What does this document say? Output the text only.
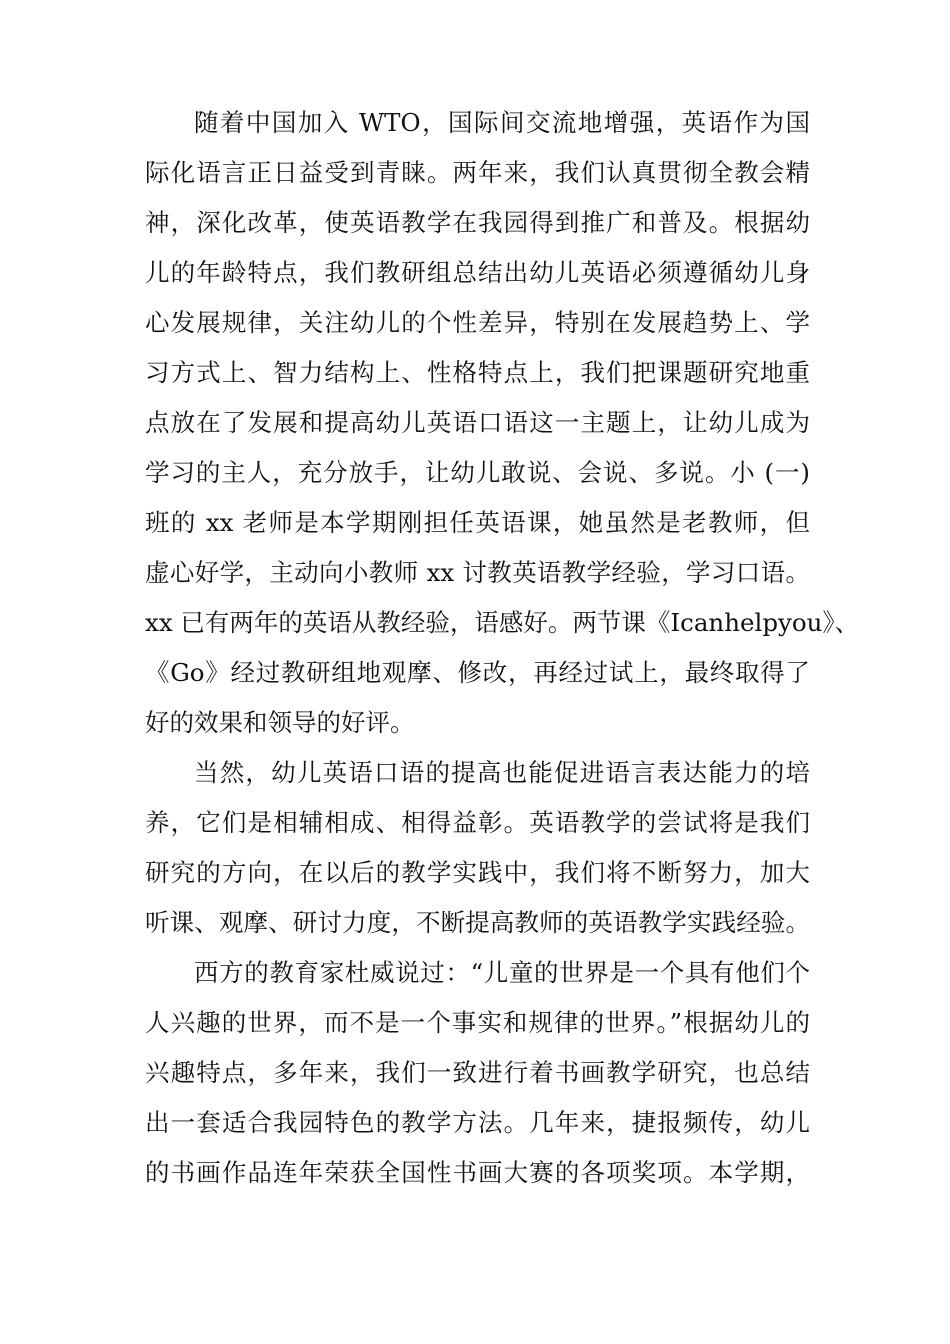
随着中国加入 WTO，国际间交流地增强，英语作为国
际化语言正日益受到青睐。两年来，我们认真贯彻全教会精
神，深化改革，使英语教学在我园得到推广和普及。根据幼
儿的年龄特点，我们教研组总结出幼儿英语必须遵循幼儿身
心发展规律，关注幼儿的个性差异，特别在发展趋势上、学
习方式上、智力结构上、性格特点上，我们把课题研究地重
点放在了发展和提高幼儿英语口语这一主题上，让幼儿成为
学习的主人，充分放手，让幼儿敢说、会说、多说。小 (一)
班的 xx 老师是本学期刚担任英语课，她虽然是老教师，但
虚心好学，主动向小教师 xx 讨教英语教学经验，学习口语。
xx 已有两年的英语从教经验，语感好。两节课《Icanhelpyou》、
《Go》经过教研组地观摩、修改，再经过试上，最终取得了
好的效果和领导的好评。
当然，幼儿英语口语的提高也能促进语言表达能力的培
养，它们是相辅相成、相得益彰。英语教学的尝试将是我们
研究的方向，在以后的教学实践中，我们将不断努力，加大
听课、观摩、研讨力度，不断提高教师的英语教学实践经验。
西方的教育家杜威说过：“儿童的世界是一个具有他们个
人兴趣的世界，而不是一个事实和规律的世界。”根据幼儿的
兴趣特点，多年来，我们一致进行着书画教学研究，也总结
出一套适合我园特色的教学方法。几年来，捷报频传，幼儿
的书画作品连年荣获全国性书画大赛的各项奖项。本学期，
